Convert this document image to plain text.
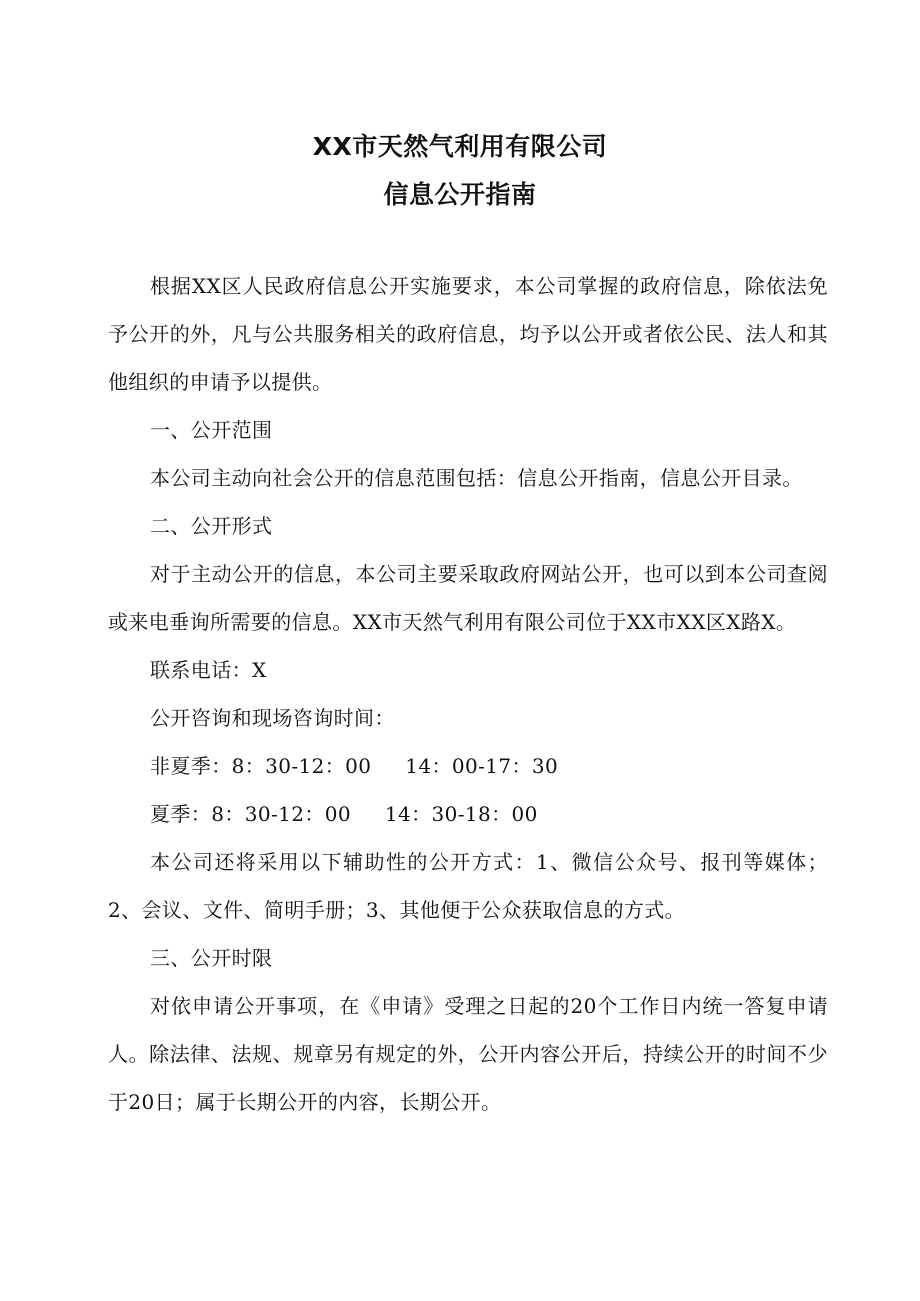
XX市天然气利用有限公司
信息公开指南

根据XX区人民政府信息公开实施要求，本公司掌握的政府信息，除依法免予公开的外，凡与公共服务相关的政府信息，均予以公开或者依公民、法人和其他组织的申请予以提供。

一、公开范围

本公司主动向社会公开的信息范围包括：信息公开指南，信息公开目录。

二、公开形式

对于主动公开的信息，本公司主要采取政府网站公开，也可以到本公司查阅或来电垂询所需要的信息。XX市天然气利用有限公司位于XX市XX区X路X。

联系电话：X

公开咨询和现场咨询时间：

非夏季：8：30-12：00     14：00-17：30

夏季：8：30-12：00     14：30-18：00

本公司还将采用以下辅助性的公开方式：1、微信公众号、报刊等媒体；2、会议、文件、简明手册；3、其他便于公众获取信息的方式。

三、公开时限

对依申请公开事项，在《申请》受理之日起的20个工作日内统一答复申请人。除法律、法规、规章另有规定的外，公开内容公开后，持续公开的时间不少于20日；属于长期公开的内容，长期公开。
